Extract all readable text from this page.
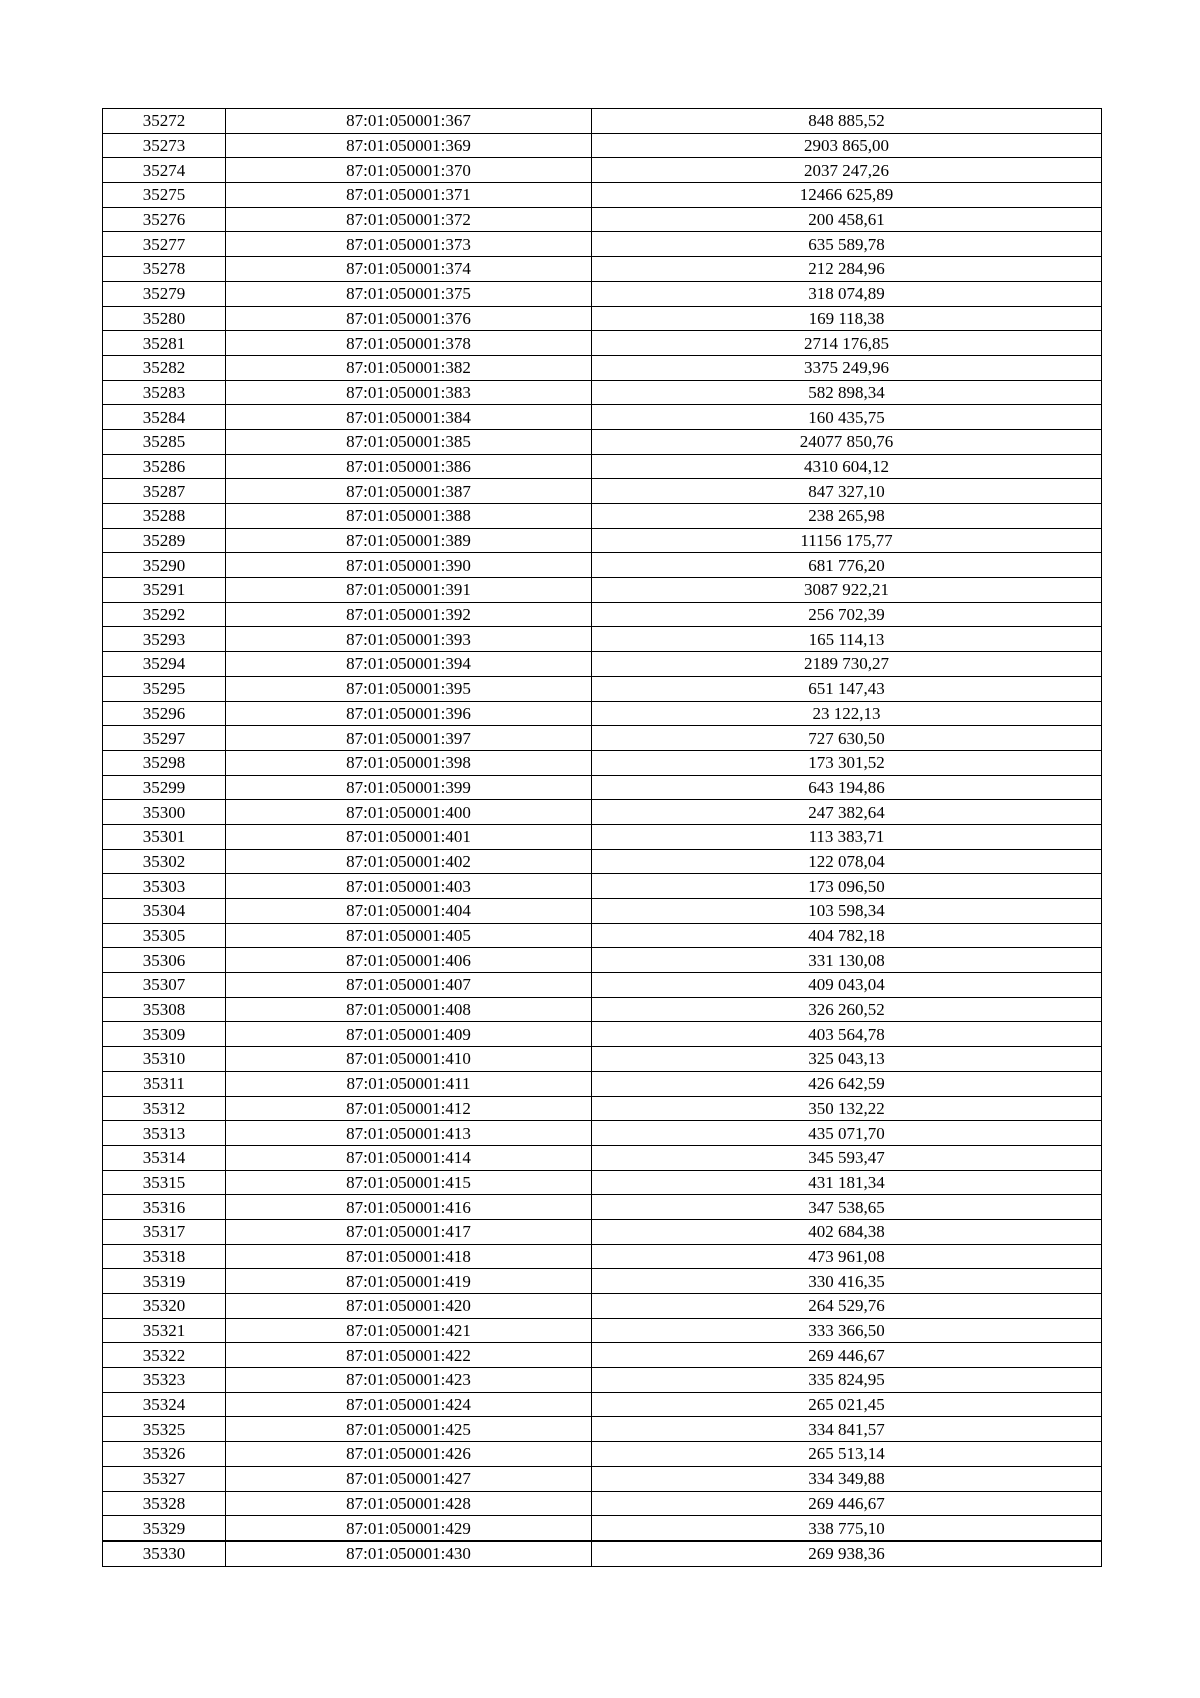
35272	87:01:050001:367	848 885,52
35273	87:01:050001:369	2903 865,00
35274	87:01:050001:370	2037 247,26
35275	87:01:050001:371	12466 625,89
35276	87:01:050001:372	200 458,61
35277	87:01:050001:373	635 589,78
35278	87:01:050001:374	212 284,96
35279	87:01:050001:375	318 074,89
35280	87:01:050001:376	169 118,38
35281	87:01:050001:378	2714 176,85
35282	87:01:050001:382	3375 249,96
35283	87:01:050001:383	582 898,34
35284	87:01:050001:384	160 435,75
35285	87:01:050001:385	24077 850,76
35286	87:01:050001:386	4310 604,12
35287	87:01:050001:387	847 327,10
35288	87:01:050001:388	238 265,98
35289	87:01:050001:389	11156 175,77
35290	87:01:050001:390	681 776,20
35291	87:01:050001:391	3087 922,21
35292	87:01:050001:392	256 702,39
35293	87:01:050001:393	165 114,13
35294	87:01:050001:394	2189 730,27
35295	87:01:050001:395	651 147,43
35296	87:01:050001:396	23 122,13
35297	87:01:050001:397	727 630,50
35298	87:01:050001:398	173 301,52
35299	87:01:050001:399	643 194,86
35300	87:01:050001:400	247 382,64
35301	87:01:050001:401	113 383,71
35302	87:01:050001:402	122 078,04
35303	87:01:050001:403	173 096,50
35304	87:01:050001:404	103 598,34
35305	87:01:050001:405	404 782,18
35306	87:01:050001:406	331 130,08
35307	87:01:050001:407	409 043,04
35308	87:01:050001:408	326 260,52
35309	87:01:050001:409	403 564,78
35310	87:01:050001:410	325 043,13
35311	87:01:050001:411	426 642,59
35312	87:01:050001:412	350 132,22
35313	87:01:050001:413	435 071,70
35314	87:01:050001:414	345 593,47
35315	87:01:050001:415	431 181,34
35316	87:01:050001:416	347 538,65
35317	87:01:050001:417	402 684,38
35318	87:01:050001:418	473 961,08
35319	87:01:050001:419	330 416,35
35320	87:01:050001:420	264 529,76
35321	87:01:050001:421	333 366,50
35322	87:01:050001:422	269 446,67
35323	87:01:050001:423	335 824,95
35324	87:01:050001:424	265 021,45
35325	87:01:050001:425	334 841,57
35326	87:01:050001:426	265 513,14
35327	87:01:050001:427	334 349,88
35328	87:01:050001:428	269 446,67
35329	87:01:050001:429	338 775,10
35330	87:01:050001:430	269 938,36
